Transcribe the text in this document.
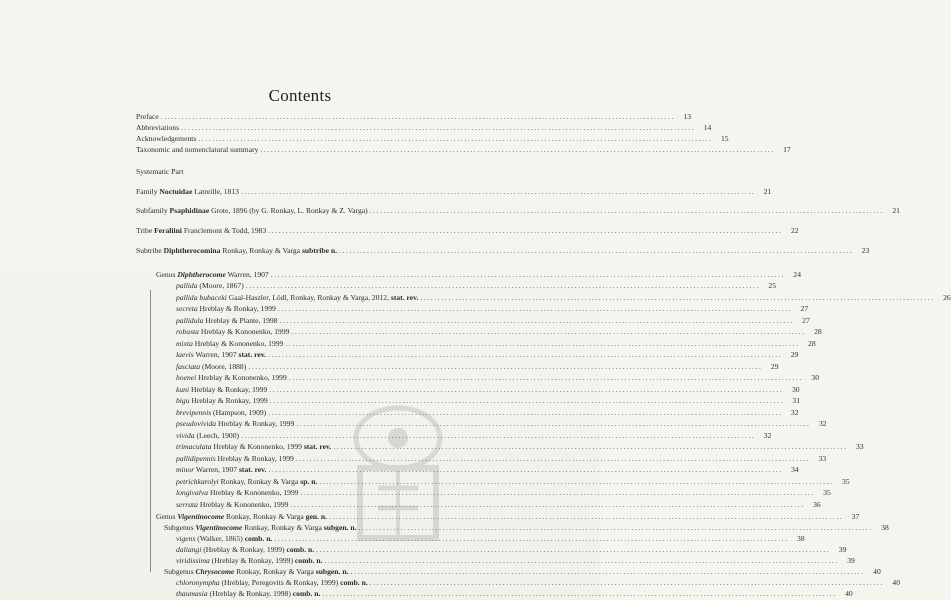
Contents
Preface ...................................................................................................................................................	13
Abbreviations ...................................................................................................................................................	14
Acknowledgements ...................................................................................................................................................	15
Taxonomic and nomenclatural summary ...................................................................................................................................................	17
Systematic Part
Family Noctuidae Latreille, 1813 ...................................................................................................................................................	21
Subfamily Psaphidinae Grote, 1896 (by G. Ronkay, L. Ronkay & Z. Varga) ...................................................................................................................................................	21
Tribe Feraliini Franclemont & Todd, 1983 ...................................................................................................................................................	22
Subtribe Diphtherocomina Ronkay, Ronkay & Varga subtribe n. ...................................................................................................................................................	23
Genus Diphtherocome Warren, 1907 ...................................................................................................................................................	24
pallida (Moore, 1867) ...................................................................................................................................................	25
pallida bubaceki Gaal-Haszler, Lödl, Ronkay, Ronkay & Varga, 2012, stat. rev. ...................................................................................................................................................	26
secreta Hreblay & Ronkay, 1999 ...................................................................................................................................................	27
pallidula Hreblay & Plante, 1998 ...................................................................................................................................................	27
robusta Hreblay & Kononenko, 1999 ...................................................................................................................................................	28
mixta Hreblay & Kononenko, 1999 ...................................................................................................................................................	28
laevis Warren, 1907 stat. rev. ...................................................................................................................................................	29
fasciata (Moore, 1888) ...................................................................................................................................................	29
hoenei Hreblay & Kononenko, 1999 ...................................................................................................................................................	30
kuni Hreblay & Ronkay, 1999 ...................................................................................................................................................	30
bigu Hreblay & Ronkay, 1999 ...................................................................................................................................................	31
brevipennis (Hampson, 1909) ...................................................................................................................................................	32
pseudovivida Hreblay & Ronkay, 1999 ...................................................................................................................................................	32
vivida (Leech, 1900) ...................................................................................................................................................	32
trimaculata Hreblay & Kononenko, 1999 stat. rev. ...................................................................................................................................................	33
pallidipennis Hreblay & Ronkay, 1999 ...................................................................................................................................................	33
minor Warren, 1907 stat. rev. ...................................................................................................................................................	34
petrichkarolyi Ronkay, Ronkay & Varga sp. n. ...................................................................................................................................................	35
longivalva Hreblay & Kononenko, 1999 ...................................................................................................................................................	35
serrata Hreblay & Kononenko, 1999 ...................................................................................................................................................	36
Genus Vigentinocome Ronkay, Ronkay & Varga gen. n. ...................................................................................................................................................	37
Subgenus Vigentinocome Ronkay, Ronkay & Varga subgen. n. ...................................................................................................................................................	38
vigens (Walker, 1865) comb. n. ...................................................................................................................................................	38
daliangi (Hreblay & Ronkay, 1999) comb. n. ...................................................................................................................................................	39
viridissima (Hreblay & Ronkay, 1999) comb. n. ...................................................................................................................................................	39
Subgenus Chrysocome Ronkay, Ronkay & Varga subgen. n. ...................................................................................................................................................	40
chloronympha (Hreblay, Peregovits & Ronkay, 1999) comb. n. ...................................................................................................................................................	40
thaumasia (Hreblay & Ronkay, 1998) comb. n. ...................................................................................................................................................	40
